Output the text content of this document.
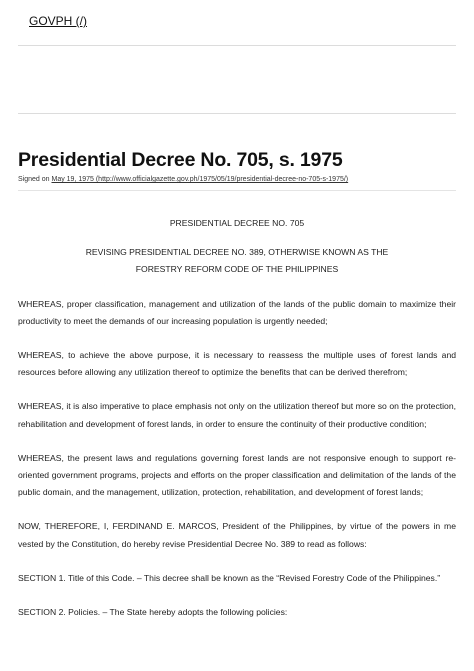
GOVPH (/)
Presidential Decree No. 705, s. 1975
Signed on May 19, 1975 (http://www.officialgazette.gov.ph/1975/05/19/presidential-decree-no-705-s-1975/)

PRESIDENTIAL DECREE NO. 705

REVISING PRESIDENTIAL DECREE NO. 389, OTHERWISE KNOWN AS THE

FORESTRY REFORM CODE OF THE PHILIPPINES

WHEREAS, proper classification, management and utilization of the lands of the public domain to maximize their productivity to meet the demands of our increasing population is urgently needed;

WHEREAS, to achieve the above purpose, it is necessary to reassess the multiple uses of forest lands and resources before allowing any utilization thereof to optimize the benefits that can be derived therefrom;

WHEREAS, it is also imperative to place emphasis not only on the utilization thereof but more so on the protection, rehabilitation and development of forest lands, in order to ensure the continuity of their productive condition;

WHEREAS, the present laws and regulations governing forest lands are not responsive enough to support re-oriented government programs, projects and efforts on the proper classification and delimitation of the lands of the public domain, and the management, utilization, protection, rehabilitation, and development of forest lands;

NOW, THEREFORE, I, FERDINAND E. MARCOS, President of the Philippines, by virtue of the powers in me vested by the Constitution, do hereby revise Presidential Decree No. 389 to read as follows:

SECTION 1. Title of this Code. – This decree shall be known as the “Revised Forestry Code of the Philippines.”

SECTION 2. Policies. – The State hereby adopts the following policies:
